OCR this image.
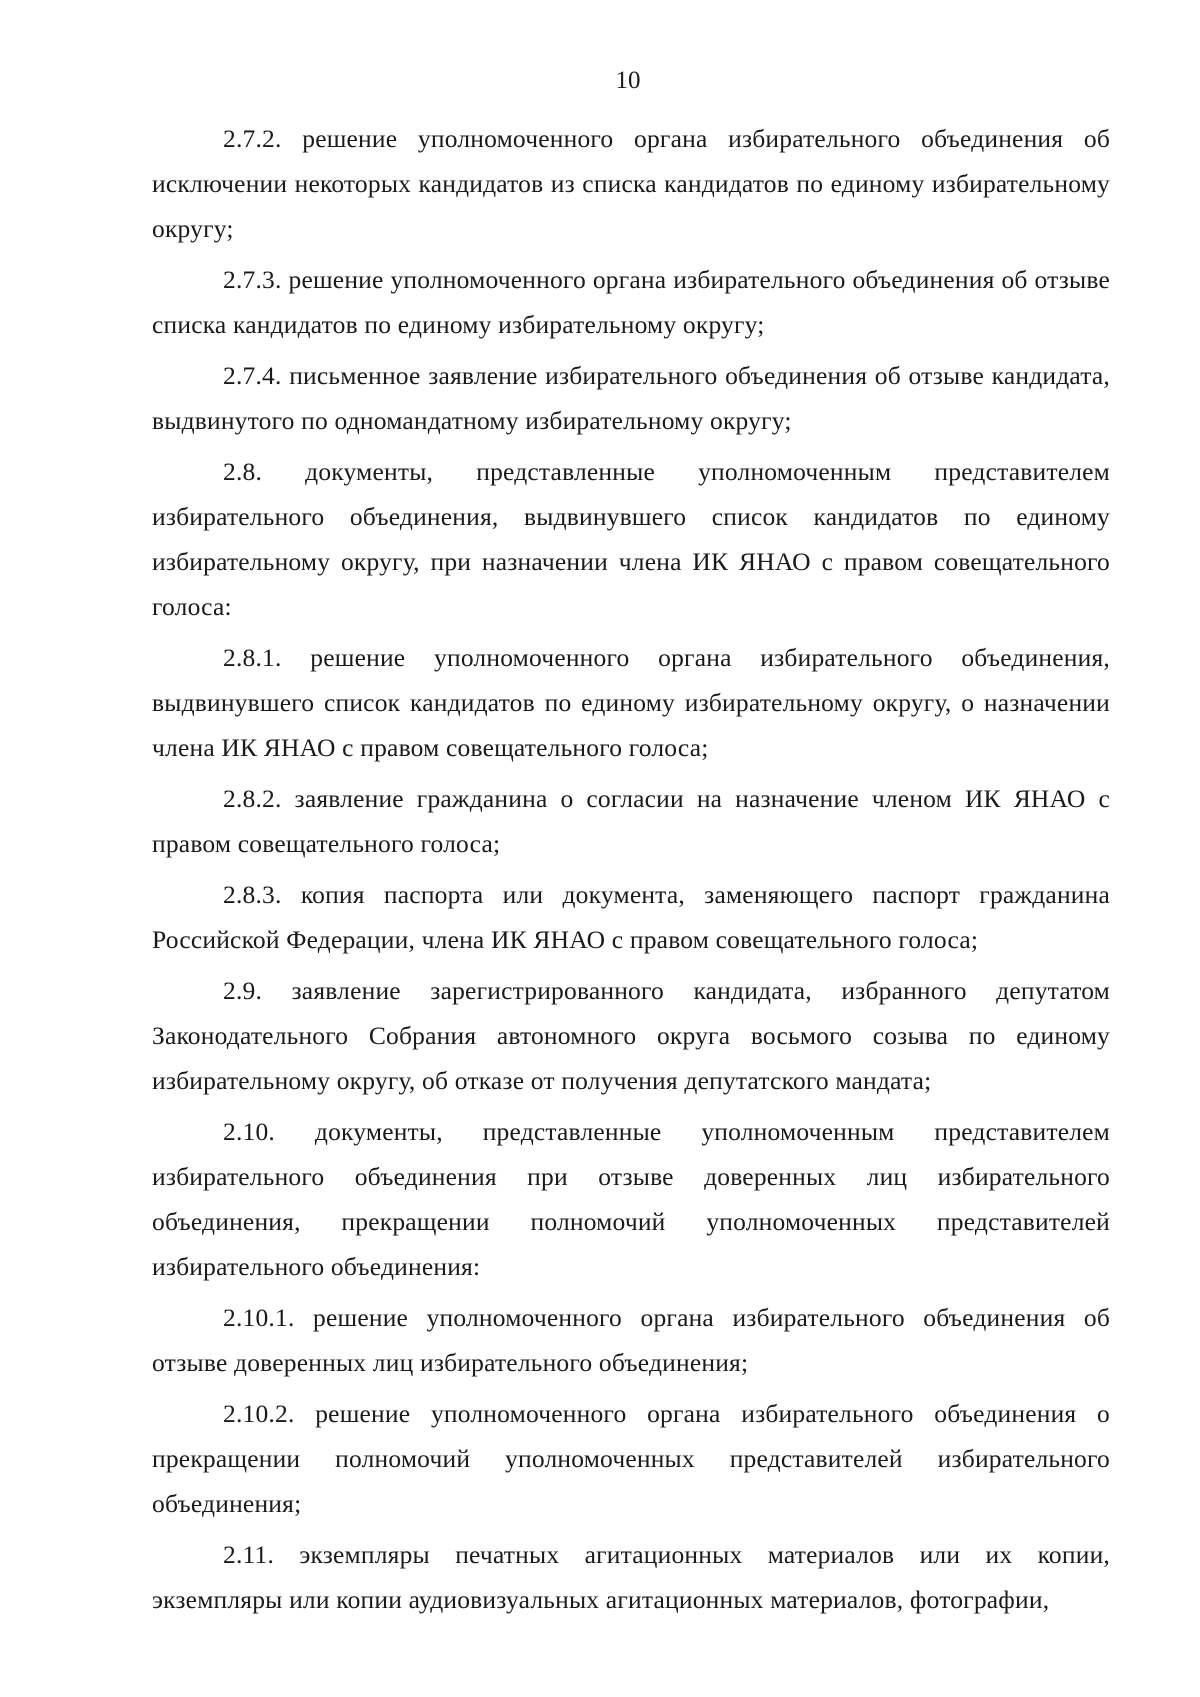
10

2.7.2. решение уполномоченного органа избирательного объединения об исключении некоторых кандидатов из списка кандидатов по единому избирательному округу;

2.7.3. решение уполномоченного органа избирательного объединения об отзыве списка кандидатов по единому избирательному округу;

2.7.4. письменное заявление избирательного объединения об отзыве кандидата, выдвинутого по одномандатному избирательному округу;

2.8. документы, представленные уполномоченным представителем избирательного объединения, выдвинувшего список кандидатов по единому избирательному округу, при назначении члена ИК ЯНАО с правом совещательного голоса:

2.8.1. решение уполномоченного органа избирательного объединения, выдвинувшего список кандидатов по единому избирательному округу, о назначении члена ИК ЯНАО с правом совещательного голоса;

2.8.2. заявление гражданина о согласии на назначение членом ИК ЯНАО с правом совещательного голоса;

2.8.3. копия паспорта или документа, заменяющего паспорт гражданина Российской Федерации, члена ИК ЯНАО с правом совещательного голоса;

2.9. заявление зарегистрированного кандидата, избранного депутатом Законодательного Собрания автономного округа восьмого созыва по единому избирательному округу, об отказе от получения депутатского мандата;

2.10. документы, представленные уполномоченным представителем избирательного объединения при отзыве доверенных лиц избирательного объединения, прекращении полномочий уполномоченных представителей избирательного объединения:

2.10.1. решение уполномоченного органа избирательного объединения об отзыве доверенных лиц избирательного объединения;

2.10.2. решение уполномоченного органа избирательного объединения о прекращении полномочий уполномоченных представителей избирательного объединения;

2.11. экземпляры печатных агитационных материалов или их копии, экземпляры или копии аудиовизуальных агитационных материалов, фотографии,
